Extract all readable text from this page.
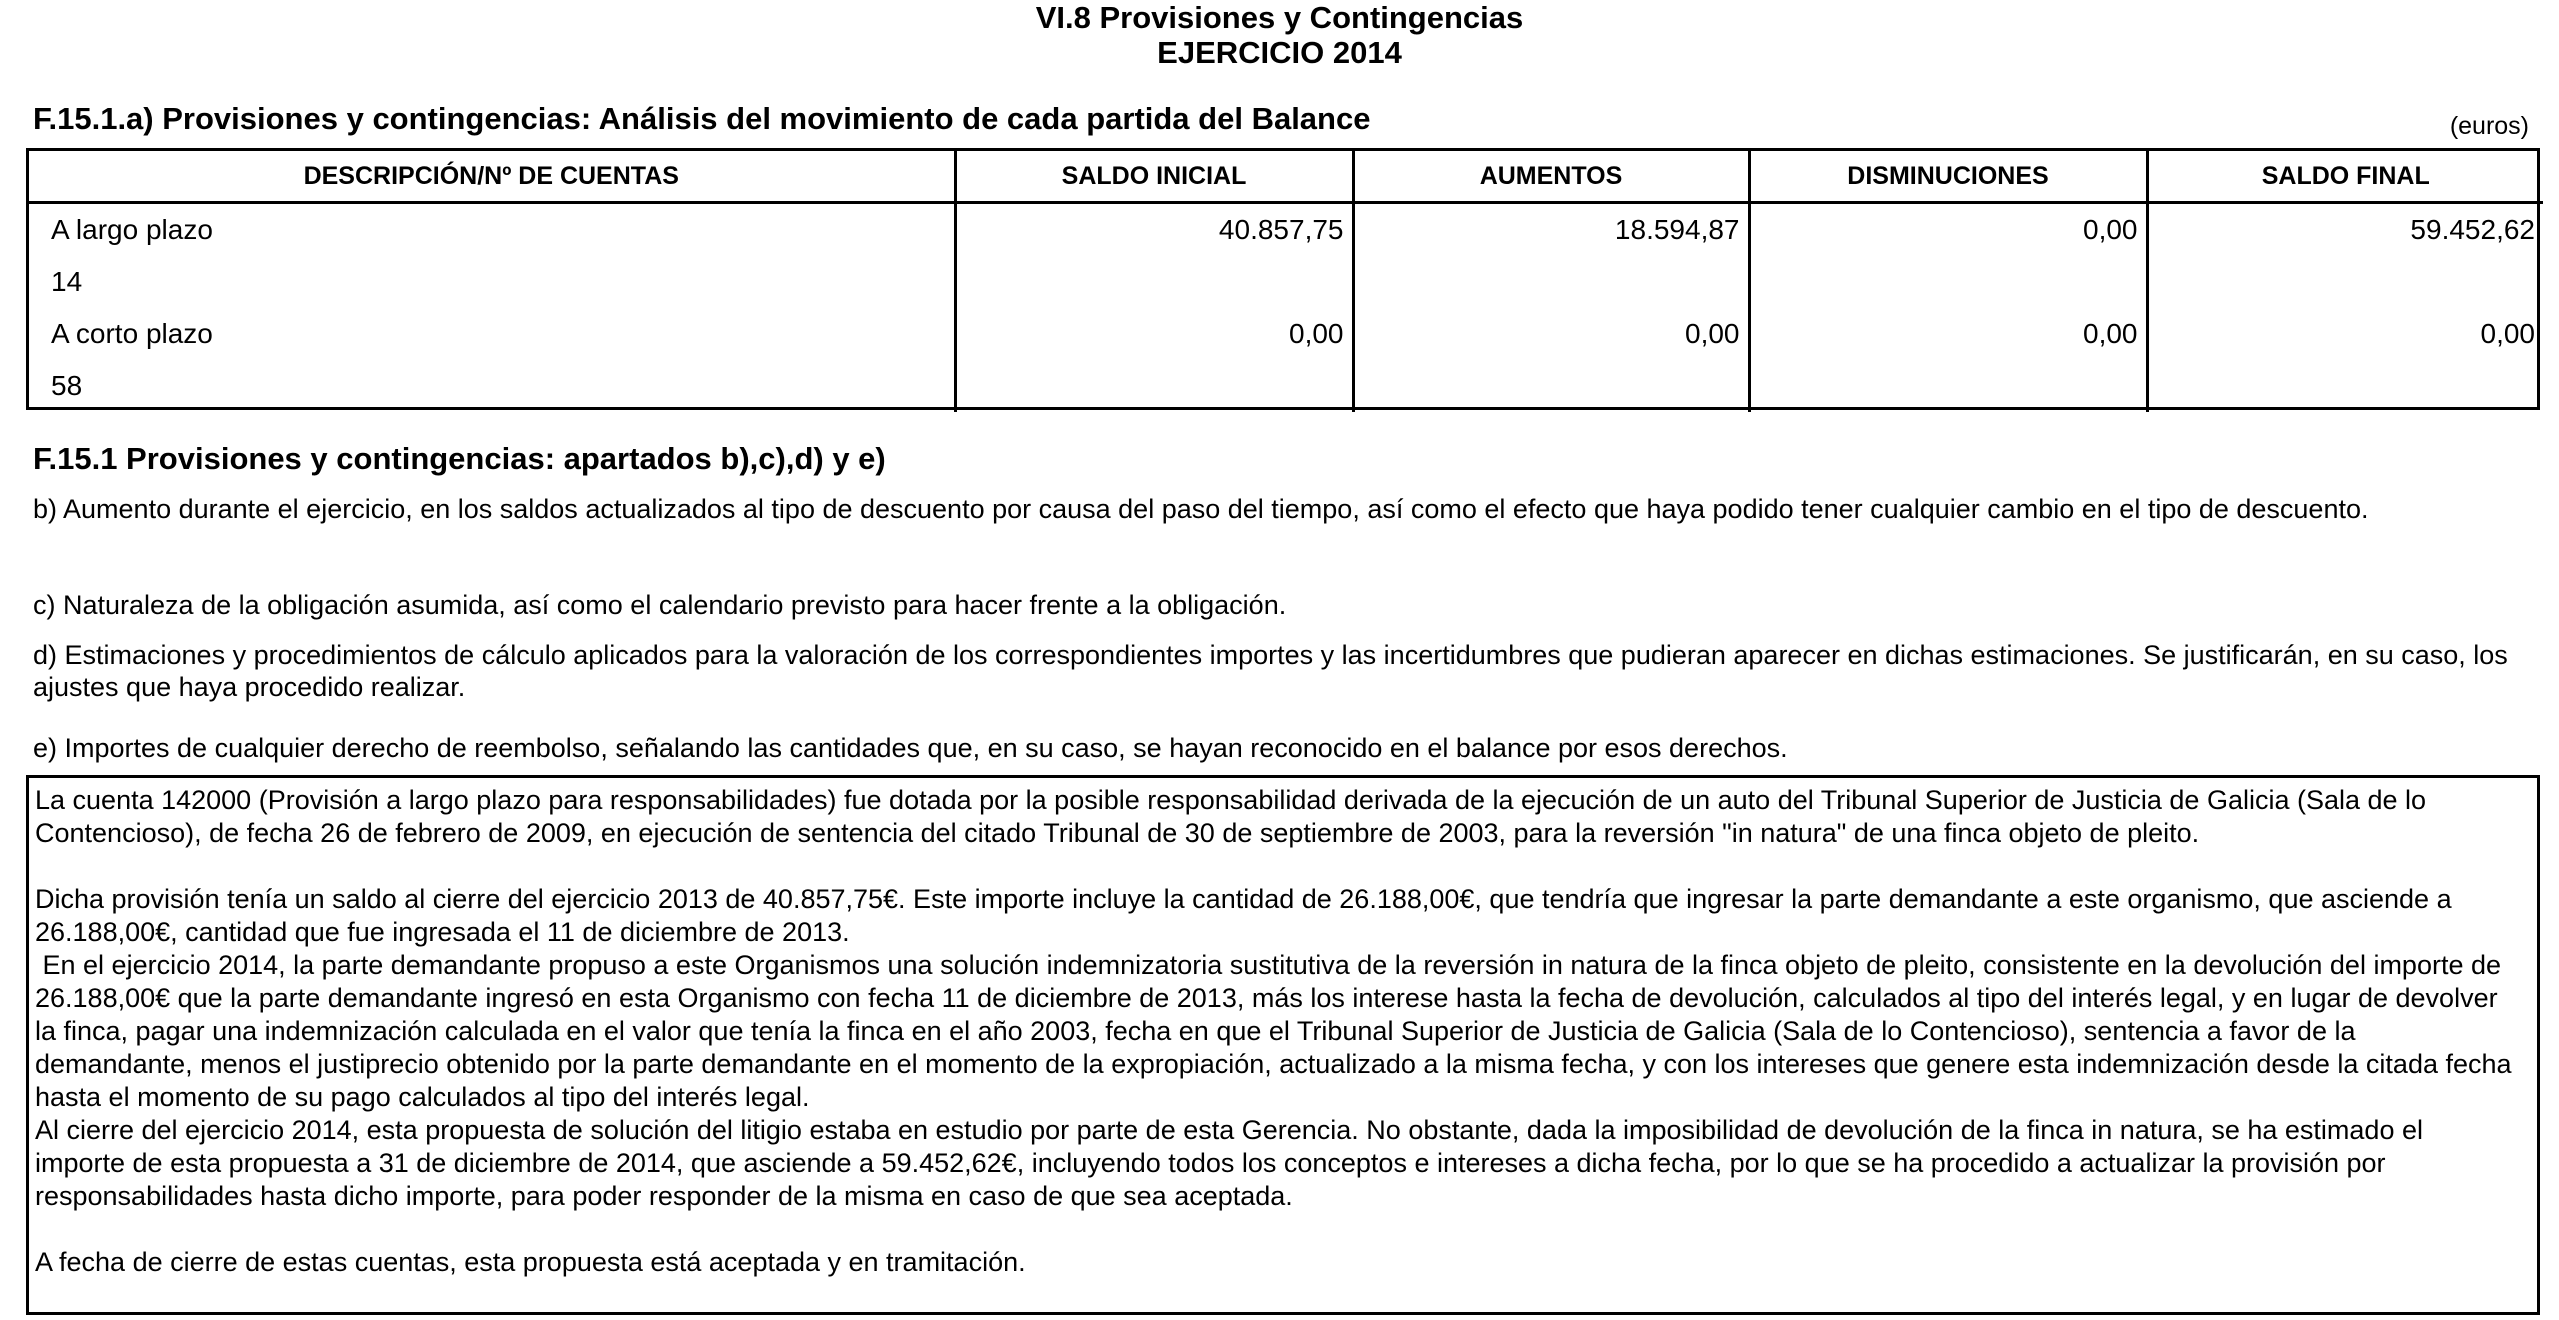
VI.8 Provisiones y Contingencias
EJERCICIO 2014
F.15.1.a) Provisiones y contingencias: Análisis del movimiento de cada partida del Balance	(euros)
DESCRIPCIÓN/Nº DE CUENTAS	SALDO INICIAL	AUMENTOS	DISMINUCIONES	SALDO FINAL
A largo plazo	40.857,75	18.594,87	0,00	59.452,62
14				
A corto plazo	0,00	0,00	0,00	0,00
58				
F.15.1 Provisiones y contingencias: apartados b),c),d) y e)
b) Aumento durante el ejercicio, en los saldos actualizados al tipo de descuento por causa del paso del tiempo, así como el efecto que haya podido tener cualquier cambio en el tipo de descuento.
c) Naturaleza de la obligación asumida, así como el calendario previsto para hacer frente a la obligación.
d) Estimaciones y procedimientos de cálculo aplicados para la valoración de los correspondientes importes y las incertidumbres que pudieran aparecer en dichas estimaciones. Se justificarán, en su caso, los ajustes que haya procedido realizar.
e) Importes de cualquier derecho de reembolso, señalando las cantidades que, en su caso, se hayan reconocido en el balance por esos derechos.

La cuenta 142000 (Provisión a largo plazo para responsabilidades) fue dotada por la posible responsabilidad derivada de la ejecución de un auto del Tribunal Superior de Justicia de Galicia (Sala de lo Contencioso), de fecha 26 de febrero de 2009, en ejecución de sentencia del citado Tribunal de 30 de septiembre de 2003, para la reversión "in natura" de una finca objeto de pleito.

Dicha provisión tenía un saldo al cierre del ejercicio 2013 de 40.857,75€. Este importe incluye la cantidad de 26.188,00€, que tendría que ingresar la parte demandante a este organismo, que asciende a 26.188,00€, cantidad que fue ingresada el 11 de diciembre de 2013.

En el ejercicio 2014, la parte demandante propuso a este Organismos una solución indemnizatoria sustitutiva de la reversión in natura de la finca objeto de pleito, consistente en la devolución del importe de 26.188,00€ que la parte demandante ingresó en esta Organismo con fecha 11 de diciembre de 2013, más los interese hasta la fecha de devolución, calculados al tipo del interés legal, y en lugar de devolver la finca, pagar una indemnización calculada en el valor que tenía la finca en el año 2003, fecha en que el Tribunal Superior de Justicia de Galicia (Sala de lo Contencioso), sentencia a favor de la demandante, menos el justiprecio obtenido por la parte demandante en el momento de la expropiación, actualizado a la misma fecha, y con los intereses que genere esta indemnización desde la citada fecha hasta el momento de su pago calculados al tipo del interés legal.

Al cierre del ejercicio 2014, esta propuesta de solución del litigio estaba en estudio por parte de esta Gerencia. No obstante, dada la imposibilidad de devolución de la finca in natura, se ha estimado el importe de esta propuesta a 31 de diciembre de 2014, que asciende a 59.452,62€, incluyendo todos los conceptos e intereses a dicha fecha, por lo que se ha procedido a actualizar la provisión por responsabilidades hasta dicho importe, para poder responder de la misma en caso de que sea aceptada.

A fecha de cierre de estas cuentas, esta propuesta está aceptada y en tramitación.
